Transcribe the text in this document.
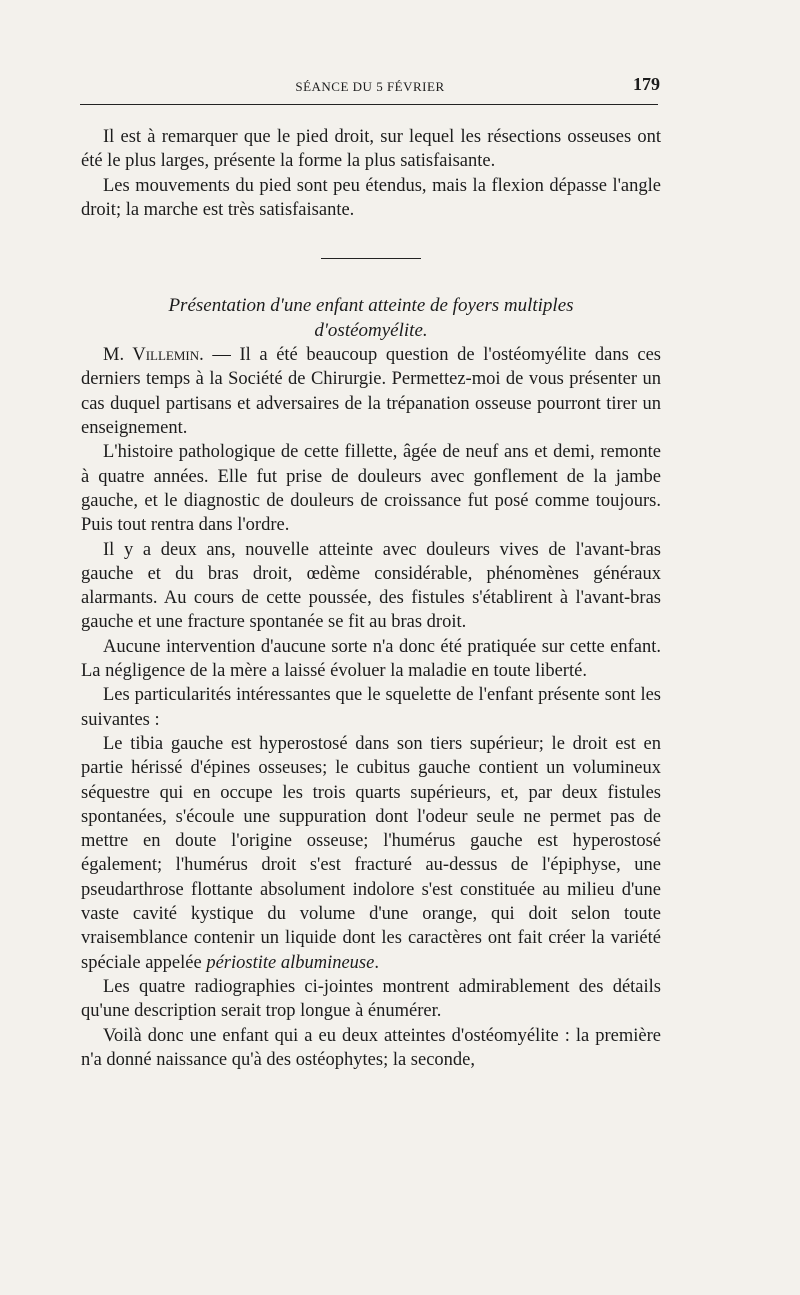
SÉANCE DU 5 FÉVRIER	179

Il est à remarquer que le pied droit, sur lequel les résections osseuses ont été le plus larges, présente la forme la plus satisfaisante.

Les mouvements du pied sont peu étendus, mais la flexion dépasse l'angle droit; la marche est très satisfaisante.

Présentation d'une enfant atteinte de foyers multiples
d'ostéomyélite.

M. Villemin. — Il a été beaucoup question de l'ostéomyélite dans ces derniers temps à la Société de Chirurgie. Permettez-moi de vous présenter un cas duquel partisans et adversaires de la trépanation osseuse pourront tirer un enseignement.

L'histoire pathologique de cette fillette, âgée de neuf ans et demi, remonte à quatre années. Elle fut prise de douleurs avec gonflement de la jambe gauche, et le diagnostic de douleurs de croissance fut posé comme toujours. Puis tout rentra dans l'ordre.

Il y a deux ans, nouvelle atteinte avec douleurs vives de l'avant-bras gauche et du bras droit, œdème considérable, phénomènes généraux alarmants. Au cours de cette poussée, des fistules s'établirent à l'avant-bras gauche et une fracture spontanée se fit au bras droit.

Aucune intervention d'aucune sorte n'a donc été pratiquée sur cette enfant. La négligence de la mère a laissé évoluer la maladie en toute liberté.

Les particularités intéressantes que le squelette de l'enfant présente sont les suivantes :

Le tibia gauche est hyperostosé dans son tiers supérieur; le droit est en partie hérissé d'épines osseuses; le cubitus gauche contient un volumineux séquestre qui en occupe les trois quarts supérieurs, et, par deux fistules spontanées, s'écoule une suppuration dont l'odeur seule ne permet pas de mettre en doute l'origine osseuse; l'humérus gauche est hyperostosé également; l'humérus droit s'est fracturé au-dessus de l'épiphyse, une pseudarthrose flottante absolument indolore s'est constituée au milieu d'une vaste cavité kystique du volume d'une orange, qui doit selon toute vraisemblance contenir un liquide dont les caractères ont fait créer la variété spéciale appelée périostite albumineuse.

Les quatre radiographies ci-jointes montrent admirablement des détails qu'une description serait trop longue à énumérer.

Voilà donc une enfant qui a eu deux atteintes d'ostéomyélite : la première n'a donné naissance qu'à des ostéophytes; la seconde,
